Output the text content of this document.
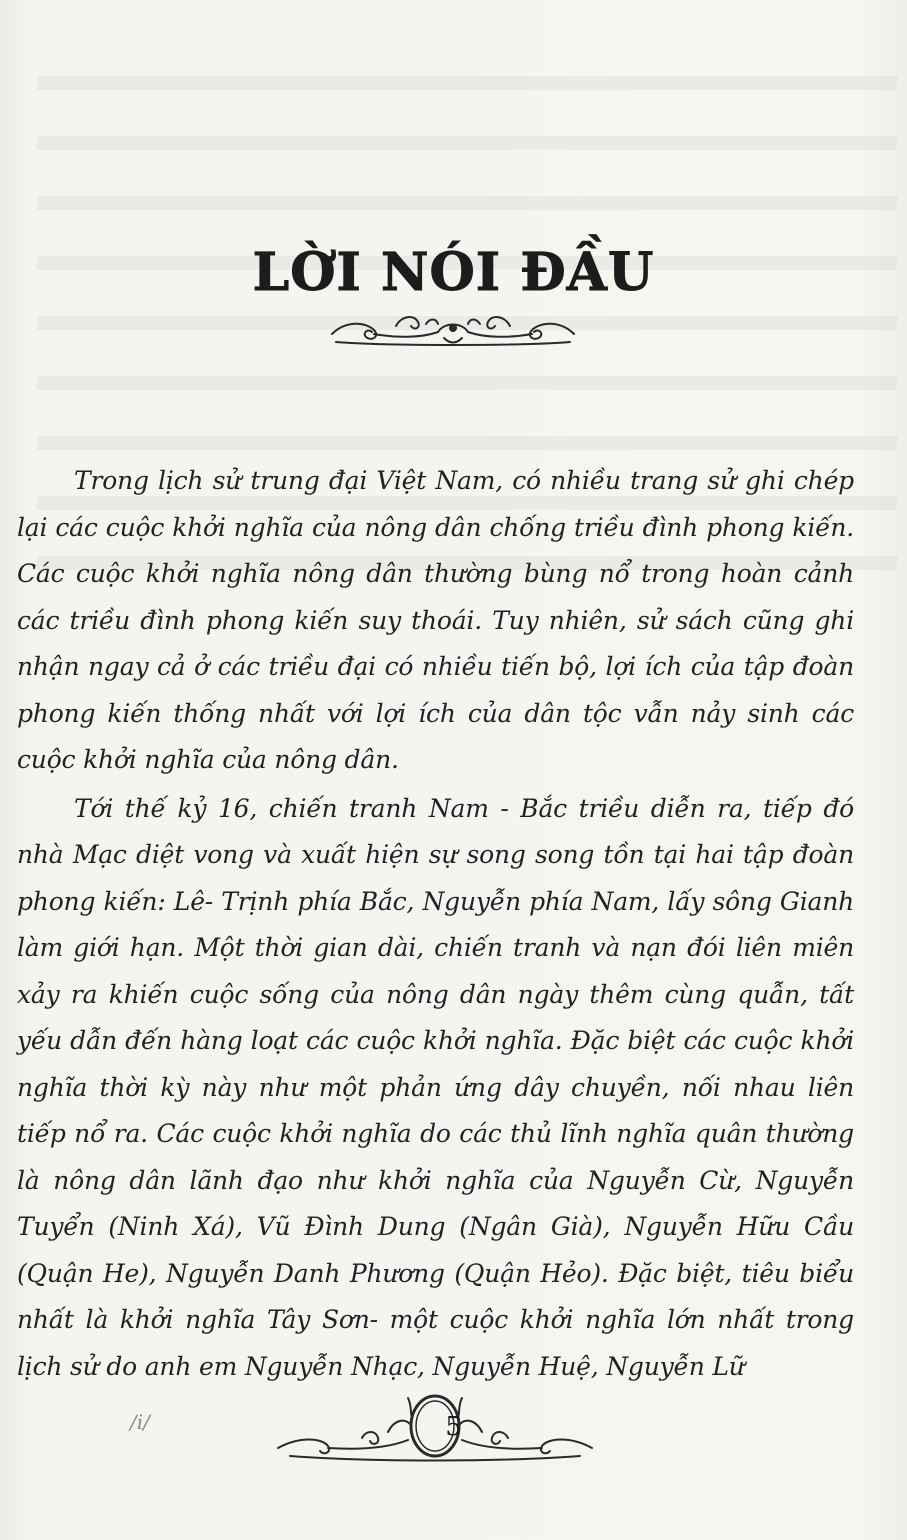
LỜI NÓI ĐẦU

Trong lịch sử trung đại Việt Nam, có nhiều trang sử ghi chép lại các cuộc khởi nghĩa của nông dân chống triều đình phong kiến. Các cuộc khởi nghĩa nông dân thường bùng nổ trong hoàn cảnh các triều đình phong kiến suy thoái. Tuy nhiên, sử sách cũng ghi nhận ngay cả ở các triều đại có nhiều tiến bộ, lợi ích của tập đoàn phong kiến thống nhất với lợi ích của dân tộc vẫn nảy sinh các cuộc khởi nghĩa của nông dân.

Tới thế kỷ 16, chiến tranh Nam - Bắc triều diễn ra, tiếp đó nhà Mạc diệt vong và xuất hiện sự song song tồn tại hai tập đoàn phong kiến: Lê- Trịnh phía Bắc, Nguyễn phía Nam, lấy sông Gianh làm giới hạn. Một thời gian dài, chiến tranh và nạn đói liên miên xảy ra khiến cuộc sống của nông dân ngày thêm cùng quẫn, tất yếu dẫn đến hàng loạt các cuộc khởi nghĩa. Đặc biệt các cuộc khởi nghĩa thời kỳ này như một phản ứng dây chuyền, nối nhau liên tiếp nổ ra. Các cuộc khởi nghĩa do các thủ lĩnh nghĩa quân thường là nông dân lãnh đạo như khởi nghĩa của Nguyễn Cừ, Nguyễn Tuyển (Ninh Xá), Vũ Đình Dung (Ngân Già), Nguyễn Hữu Cầu (Quận He), Nguyễn Danh Phương (Quận Hẻo). Đặc biệt, tiêu biểu nhất là khởi nghĩa Tây Sơn- một cuộc khởi nghĩa lớn nhất trong lịch sử do anh em Nguyễn Nhạc, Nguyễn Huệ, Nguyễn Lữ

/i/	5
